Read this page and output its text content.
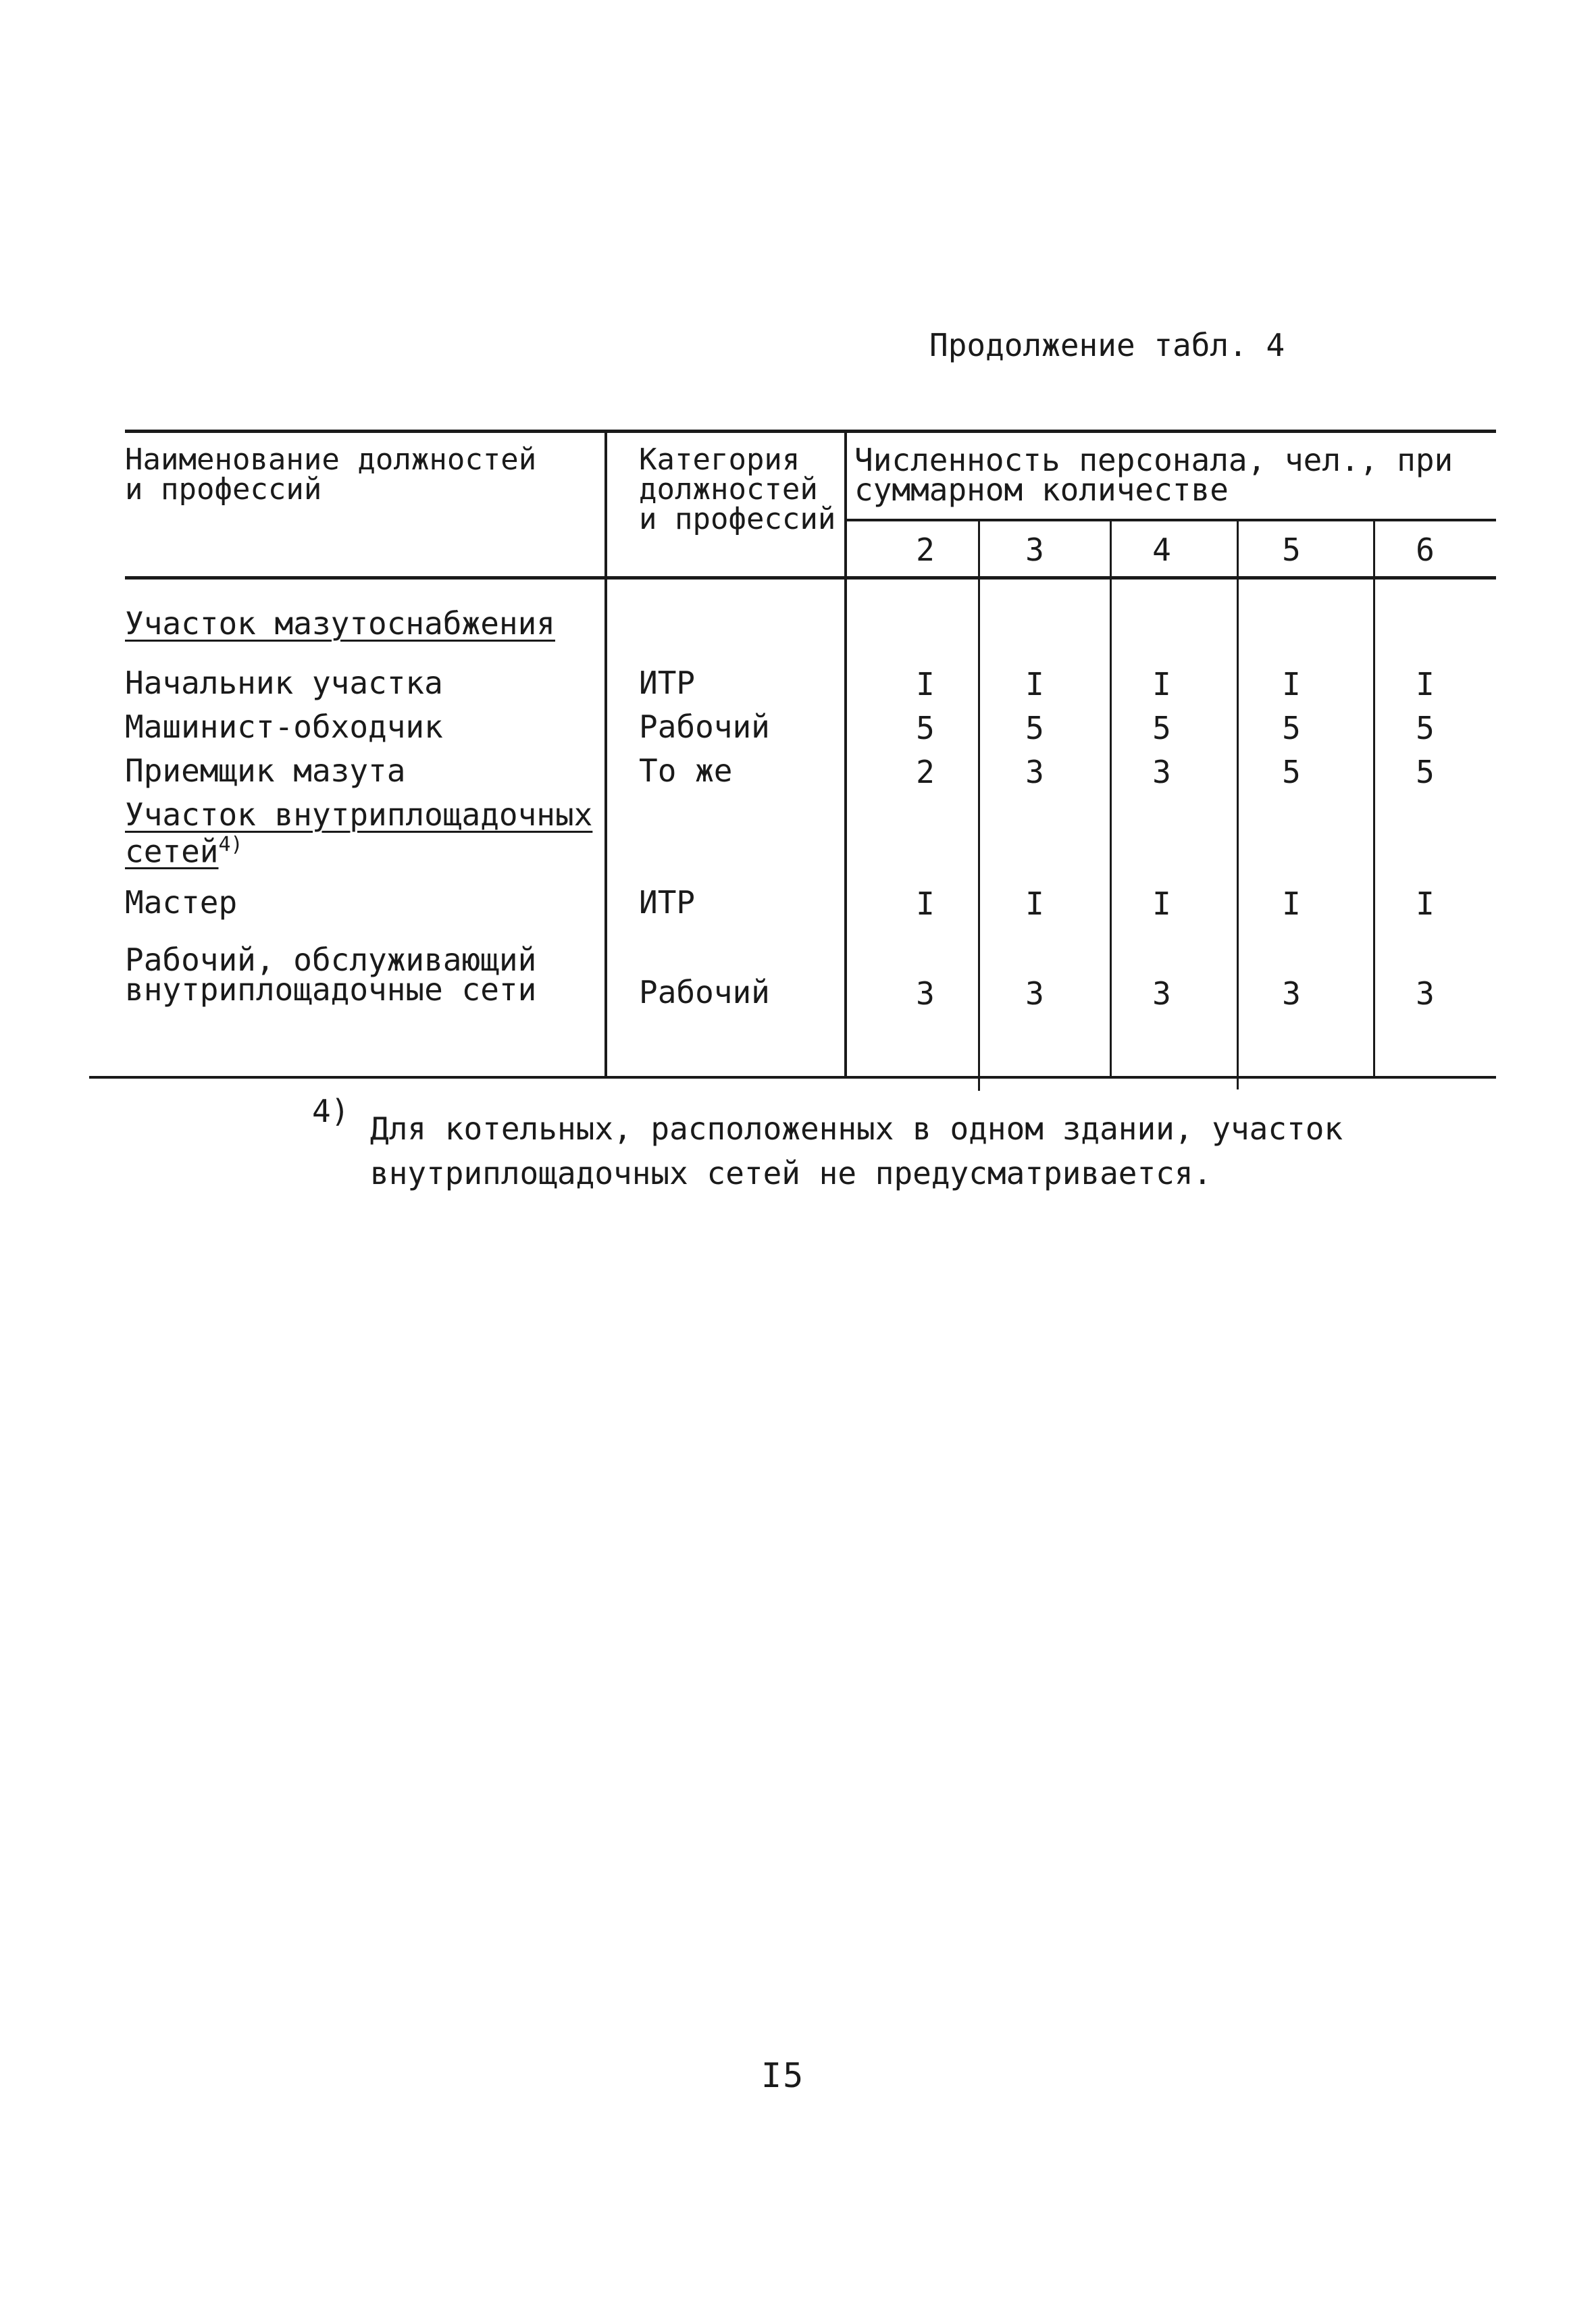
Продолжение табл. 4
Наименование должностей
и профессий
Категория
должностей
и профессий
Численность персонала, чел., при
суммарном количестве
2	3	4	5	6
Участок мазутоснабжения
Начальник участка	ИТР	I	I	I	I	I
Машинист-обходчик	Рабочий	5	5	5	5	5
Приемщик мазута	То же	2	3	3	5	5
Участок внутриплощадочных
сетей$^{4)}$
Мастер	ИТР	I	I	I	I	I
Рабочий, обслуживающий
внутриплощадочные сети	Рабочий	3	3	3	3	3
4) Для котельных, расположенных в одном здании, участок
внутриплощадочных сетей не предусматривается.
I5
